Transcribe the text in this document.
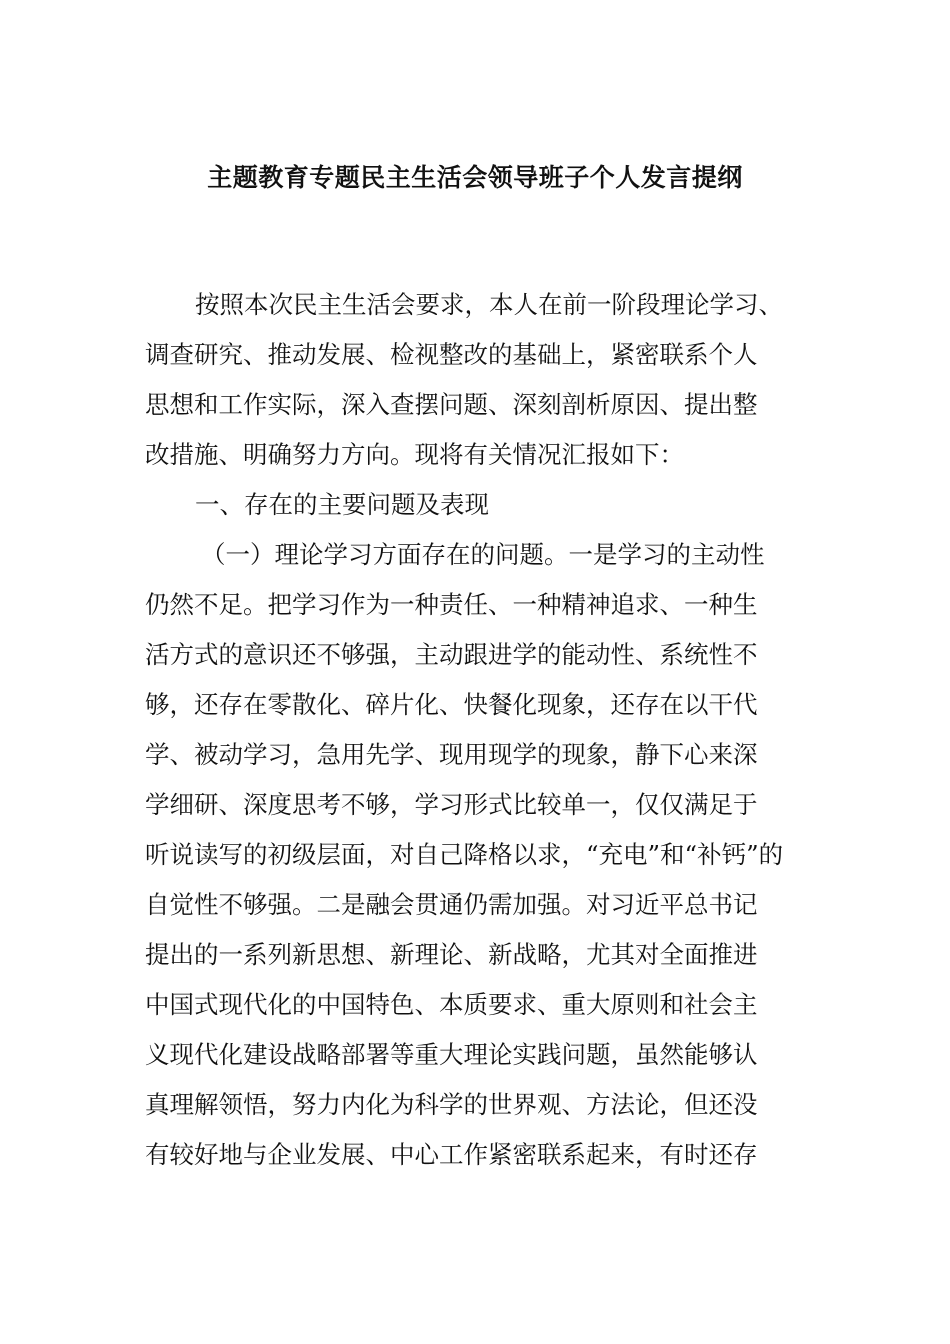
主题教育专题民主生活会领导班子个人发言提纲
按照本次民主生活会要求，本人在前一阶段理论学习、
调查研究、推动发展、检视整改的基础上，紧密联系个人
思想和工作实际，深入查摆问题、深刻剖析原因、提出整
改措施、明确努力方向。现将有关情况汇报如下：
一、存在的主要问题及表现
（一）理论学习方面存在的问题。一是学习的主动性
仍然不足。把学习作为一种责任、一种精神追求、一种生
活方式的意识还不够强，主动跟进学的能动性、系统性不
够，还存在零散化、碎片化、快餐化现象，还存在以干代
学、被动学习，急用先学、现用现学的现象，静下心来深
学细研、深度思考不够，学习形式比较单一，仅仅满足于
听说读写的初级层面，对自己降格以求，“充电”和“补钙”的
自觉性不够强。二是融会贯通仍需加强。对习近平总书记
提出的一系列新思想、新理论、新战略，尤其对全面推进
中国式现代化的中国特色、本质要求、重大原则和社会主
义现代化建设战略部署等重大理论实践问题，虽然能够认
真理解领悟，努力内化为科学的世界观、方法论，但还没
有较好地与企业发展、中心工作紧密联系起来，有时还存
